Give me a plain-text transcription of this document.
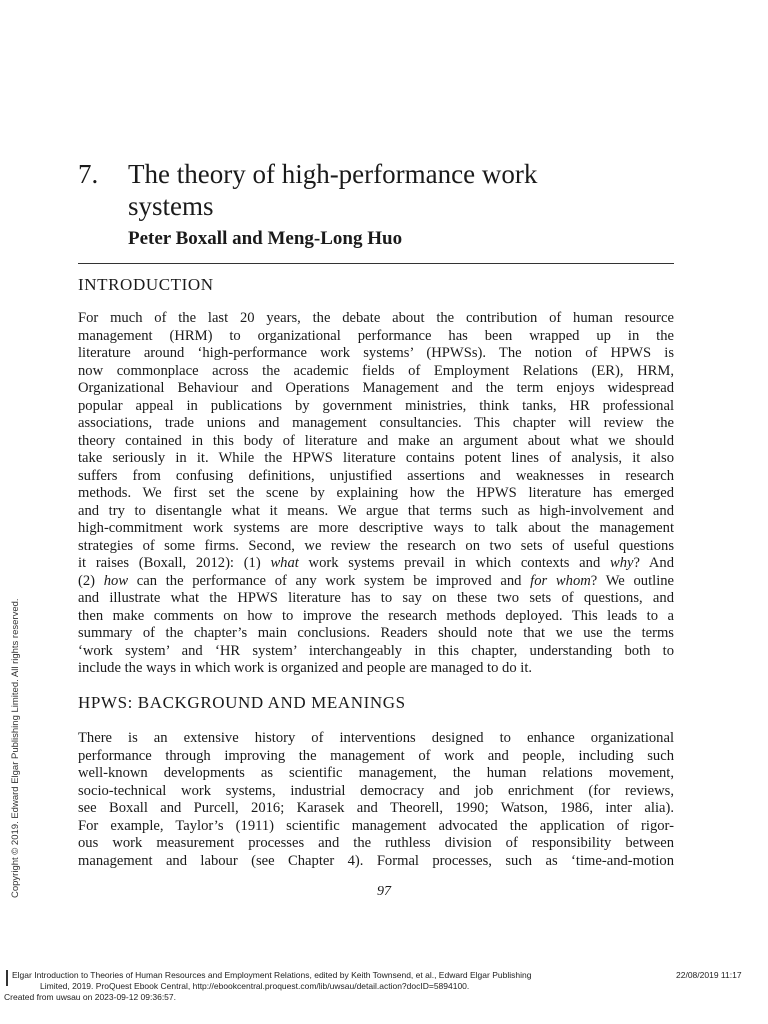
7. The theory of high-performance work
systems
Peter Boxall and Meng-Long Huo
INTRODUCTION
For much of the last 20 years, the debate about the contribution of human resource
management (HRM) to organizational performance has been wrapped up in the
literature around ‘high-performance work systems’ (HPWSs). The notion of HPWS is
now commonplace across the academic fields of Employment Relations (ER), HRM,
Organizational Behaviour and Operations Management and the term enjoys widespread
popular appeal in publications by government ministries, think tanks, HR professional
associations, trade unions and management consultancies. This chapter will review the
theory contained in this body of literature and make an argument about what we should
take seriously in it. While the HPWS literature contains potent lines of analysis, it also
suffers from confusing definitions, unjustified assertions and weaknesses in research
methods. We first set the scene by explaining how the HPWS literature has emerged
and try to disentangle what it means. We argue that terms such as high-involvement and
high-commitment work systems are more descriptive ways to talk about the management
strategies of some firms. Second, we review the research on two sets of useful questions
it raises (Boxall, 2012): (1) what work systems prevail in which contexts and why? And
(2) how can the performance of any work system be improved and for whom? We outline
and illustrate what the HPWS literature has to say on these two sets of questions, and
then make comments on how to improve the research methods deployed. This leads to a
summary of the chapter’s main conclusions. Readers should note that we use the terms
‘work system’ and ‘HR system’ interchangeably in this chapter, understanding both to
include the ways in which work is organized and people are managed to do it.
HPWS: BACKGROUND AND MEANINGS
There is an extensive history of interventions designed to enhance organizational
performance through improving the management of work and people, including such
well-known developments as scientific management, the human relations movement,
socio-technical work systems, industrial democracy and job enrichment (for reviews,
see Boxall and Purcell, 2016; Karasek and Theorell, 1990; Watson, 1986, inter alia).
For example, Taylor’s (1911) scientific management advocated the application of rigor-
ous work measurement processes and the ruthless division of responsibility between
management and labour (see Chapter 4). Formal processes, such as ‘time-and-motion
97
Copyright © 2019. Edward Elgar Publishing Limited. All rights reserved.
Elgar Introduction to Theories of Human Resources and Employment Relations, edited by Keith Townsend, et al., Edward Elgar Publishing	22/08/2019 11:17
Limited, 2019. ProQuest Ebook Central, http://ebookcentral.proquest.com/lib/uwsau/detail.action?docID=5894100.
Created from uwsau on 2023-09-12 09:36:57.
